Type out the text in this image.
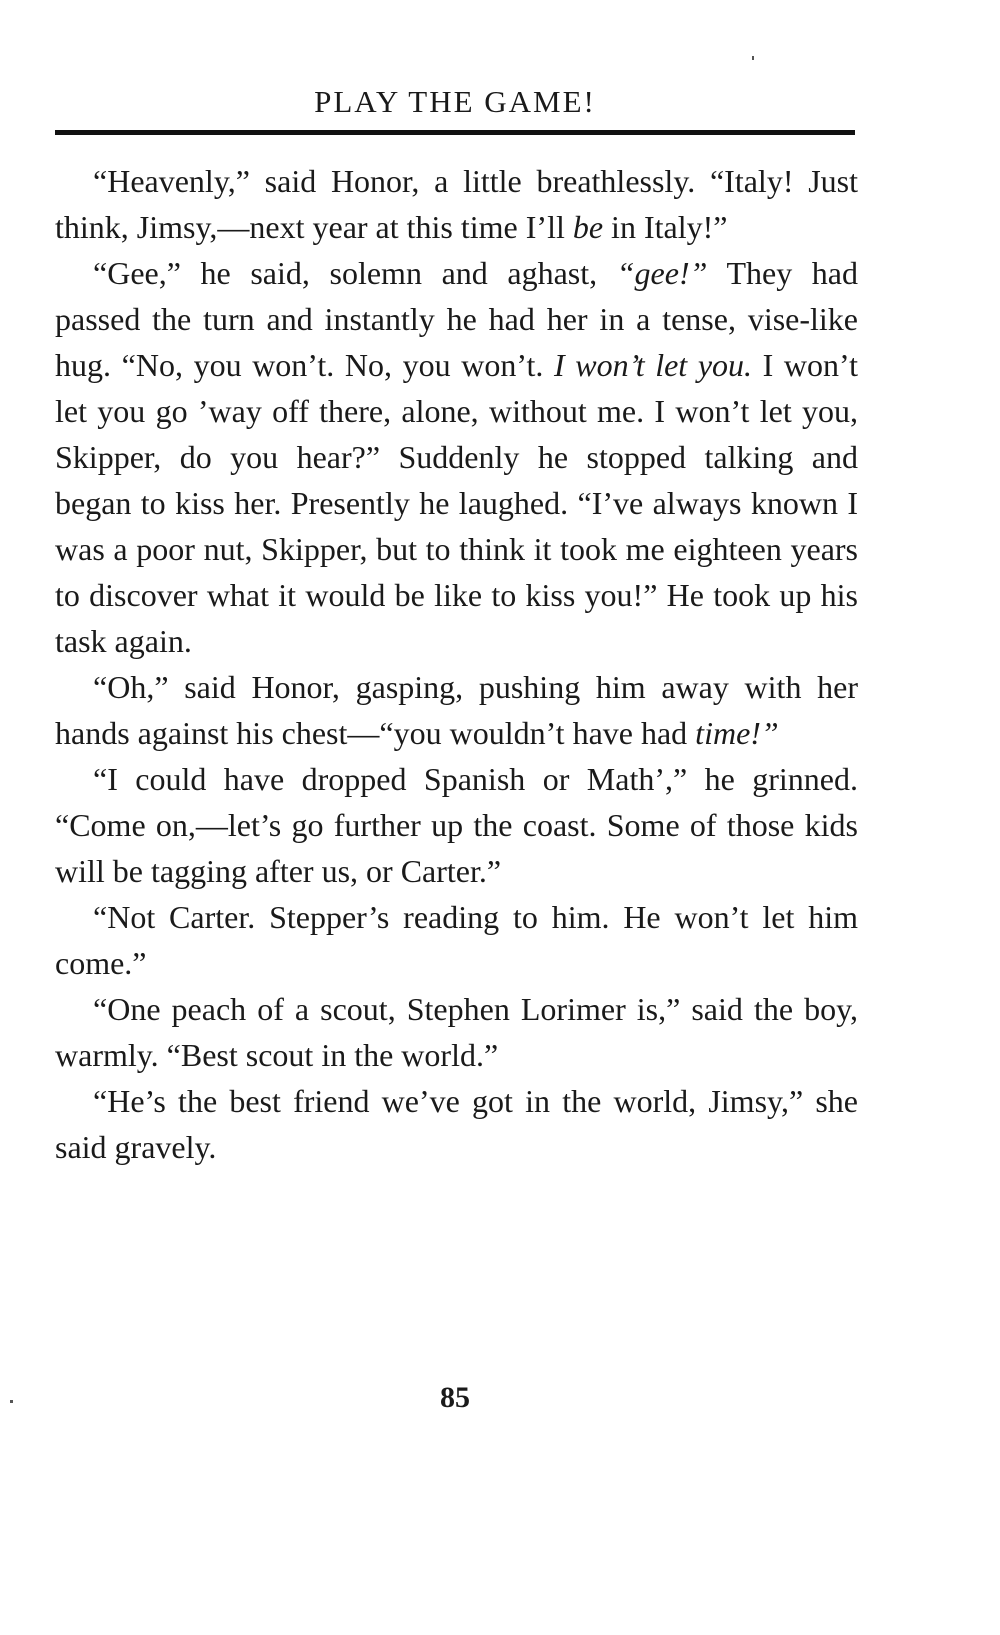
PLAY THE GAME!

“Heavenly,” said Honor, a little breathlessly. “Italy! Just think, Jimsy,—next year at this time I’ll be in Italy!”

“Gee,” he said, solemn and aghast, “gee!” They had passed the turn and instantly he had her in a tense, vise-like hug. “No, you won’t. No, you won’t. I won’t let you. I won’t let you go ’way off there, alone, without me. I won’t let you, Skipper, do you hear?” Suddenly he stopped talking and began to kiss her. Presently he laughed. “I’ve always known I was a poor nut, Skipper, but to think it took me eighteen years to discover what it would be like to kiss you!” He took up his task again.

“Oh,” said Honor, gasping, pushing him away with her hands against his chest—“you wouldn’t have had time!”

“I could have dropped Spanish or Math’,” he grinned. “Come on,—let’s go further up the coast. Some of those kids will be tagging after us, or Carter.”

“Not Carter. Stepper’s reading to him. He won’t let him come.”

“One peach of a scout, Stephen Lorimer is,” said the boy, warmly. “Best scout in the world.”

“He’s the best friend we’ve got in the world, Jimsy,” she said gravely.

85
